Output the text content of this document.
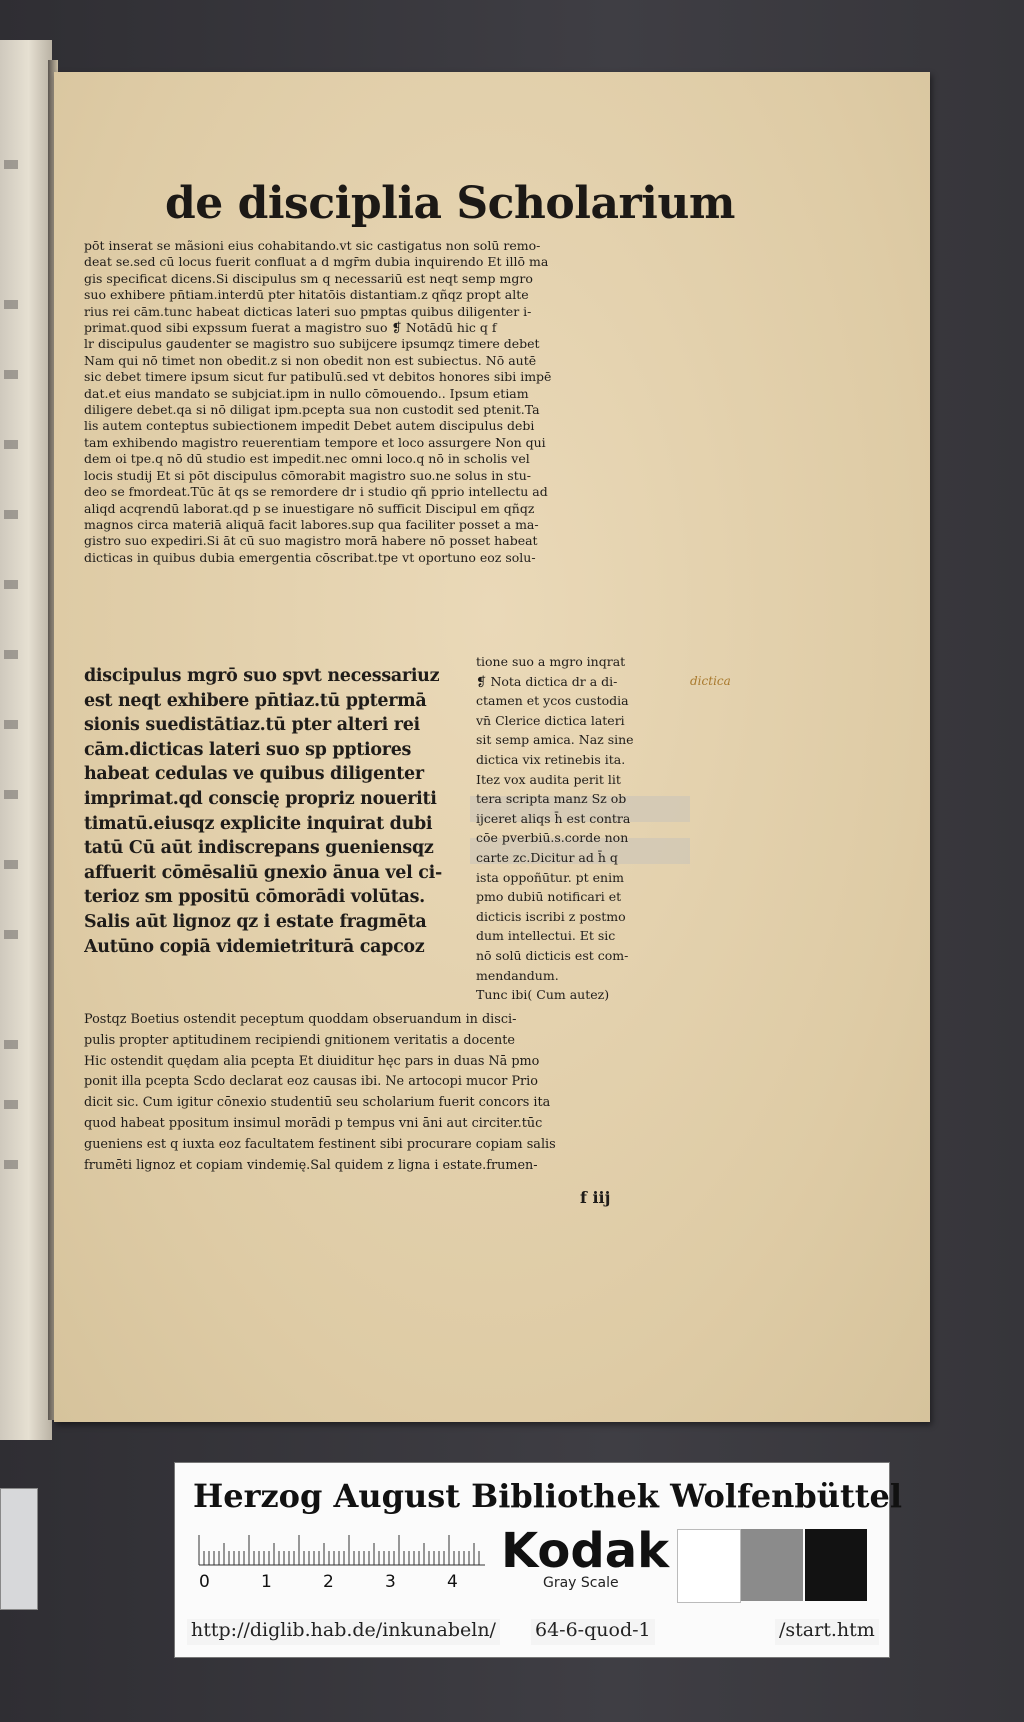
de disciplia Scholarium
pōt inserat se mãsioni eius cohabitando.vt sic castigatus non solū remo-
deat se.sed cū locus fuerit confluat a d mgr̄m dubia inquirendo Et illō ma
gis specificat dicens.Si discipulus sm q necessariū est neqt semp mgro
suo exhibere pn̄tiam.interdū pter hitatōis distantiam.z qñqz propt alte
rius rei cām.tunc habeat dicticas lateri suo pmptas quibus diligenter i-
primat.quod sibi expssum fuerat a magistro suo ❡ Notādū hic q f
lr discipulus gaudenter se magistro suo subijcere ipsumqz timere debet
Nam qui nō timet non obedit.z si non obedit non est subiectus. Nō autē
sic debet timere ipsum sicut fur patibulū.sed vt debitos honores sibi impē
dat.et eius mandato se subjciat.ipm in nullo cōmouendo.. Ipsum etiam
diligere debet.qa si nō diligat ipm.pcepta sua non custodit sed ptenit.Ta
lis autem conteptus subiectionem impedit Debet autem discipulus debi
tam exhibendo magistro reuerentiam tempore et loco assurgere Non qui
dem oi tpe.q nō dū studio est impedit.nec omni loco.q nō in scholis vel
locis studij Et si pōt discipulus cōmorabit magistro suo.ne solus in stu-
deo se fmordeat.Tūc āt qs se remordere dr i studio qñ pprio intellectu ad
aliqd acqrendū laborat.qd p se inuestigare nō sufficit Discipul em qñqz
magnos circa materiā aliquā facit labores.sup qua faciliter posset a ma-
gistro suo expediri.Si āt cū suo magistro morā habere nō posset habeat
dicticas in quibus dubia emergentia cōscribat.tpe vt oportuno eoz solu-
discipulus mgrō suo spvt necessariuz
est neqt exhibere pn̄tiaz.tū pptermā
sionis suedistātiaz.tū pter alteri rei
cām.dicticas lateri suo sp pptiores
habeat cedulas ve quibus diligenter
imprimat.qd conscię propriz noueriti
timatū.eiusqz explicite inquirat dubi
tatū Cū aūt indiscrepans gueniensqz
affuerit cōmēsaliū gnexio ānua vel ci-
terioz sm ppositū cōmorādi volūtas.
Salis aūt lignoz qz i estate fragmēta
Autūno copiā videmietriturā capcoz
tione suo a mgro inqrat
❡ Nota dictica dr a di-
ctamen et ycos custodia
vn̄ Clerice dictica lateri
sit semp amica. Naz sine
dictica vix retinebis ita.
Itez vox audita perit lit
tera scripta manz Sz ob
ijceret aliqs h̄ est contra
cōe pverbiū.s.corde non
carte zc.Dicitur ad h̄ q
ista oppoñūtur. pt enim
pmo dubiū notificari et
dicticis iscribi z postmo
dum intellectui. Et sic
nō solū dicticis est com-
mendandum.
Tunc ibi( Cum autez)
dictica
Postqz Boetius ostendit peceptum quoddam obseruandum in disci-
pulis propter aptitudinem recipiendi gnitionem veritatis a docente
Hic ostendit quędam alia pcepta Et diuiditur hęc pars in duas Nā pmo
ponit illa pcepta Scdo declarat eoz causas ibi. Ne artocopi mucor Prio
dicit sic. Cum igitur cōnexio studentiū seu scholarium fuerit concors ita
quod habeat ppositum insimul morādi p tempus vni āni aut circiter.tūc
gueniens est q iuxta eoz facultatem festinent sibi procurare copiam salis
frumēti lignoz et copiam vindemię.Sal quidem z ligna i estate.frumen-
f iij
Herzog August Bibliothek Wolfenbüttel
0	1	2	3	4
Kodak
Gray Scale
http://diglib.hab.de/inkunabeln/ 64-6-quod-1	/start.htm
